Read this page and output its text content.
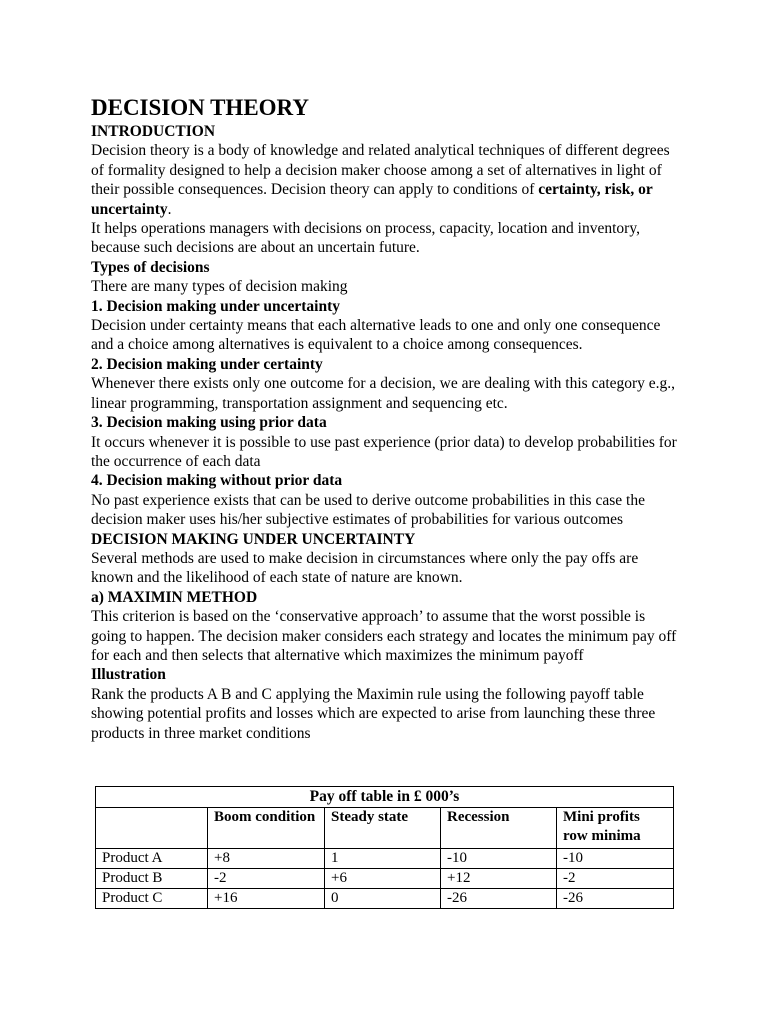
DECISION THEORY
INTRODUCTION

Decision theory is a body of knowledge and related analytical techniques of different degrees of formality designed to help a decision maker choose among a set of alternatives in light of their possible consequences. Decision theory can apply to conditions of certainty, risk, or uncertainty.

It helps operations managers with decisions on process, capacity, location and inventory, because such decisions are about an uncertain future.

Types of decisions

There are many types of decision making

1. Decision making under uncertainty

Decision under certainty means that each alternative leads to one and only one consequence and a choice among alternatives is equivalent to a choice among consequences.

2. Decision making under certainty

Whenever there exists only one outcome for a decision, we are dealing with this category e.g., linear programming, transportation assignment and sequencing etc.

3. Decision making using prior data

It occurs whenever it is possible to use past experience (prior data) to develop probabilities for the occurrence of each data

4. Decision making without prior data

No past experience exists that can be used to derive outcome probabilities in this case the decision maker uses his/her subjective estimates of probabilities for various outcomes

DECISION MAKING UNDER UNCERTAINTY

Several methods are used to make decision in circumstances where only the pay offs are known and the likelihood of each state of nature are known.

a) MAXIMIN METHOD

This criterion is based on the ‘conservative approach’ to assume that the worst possible is going to happen. The decision maker considers each strategy and locates the minimum pay off for each and then selects that alternative which maximizes the minimum payoff

Illustration

Rank the products A B and C applying the Maximin rule using the following payoff table showing potential profits and losses which are expected to arise from launching these three products in three market conditions

Pay off table in £ 000’s				
	Boom condition	Steady state	Recession	Mini profits row minima
Product A	+8	1	-10	-10
Product B	-2	+6	+12	-2
Product C	+16	0	-26	-26
